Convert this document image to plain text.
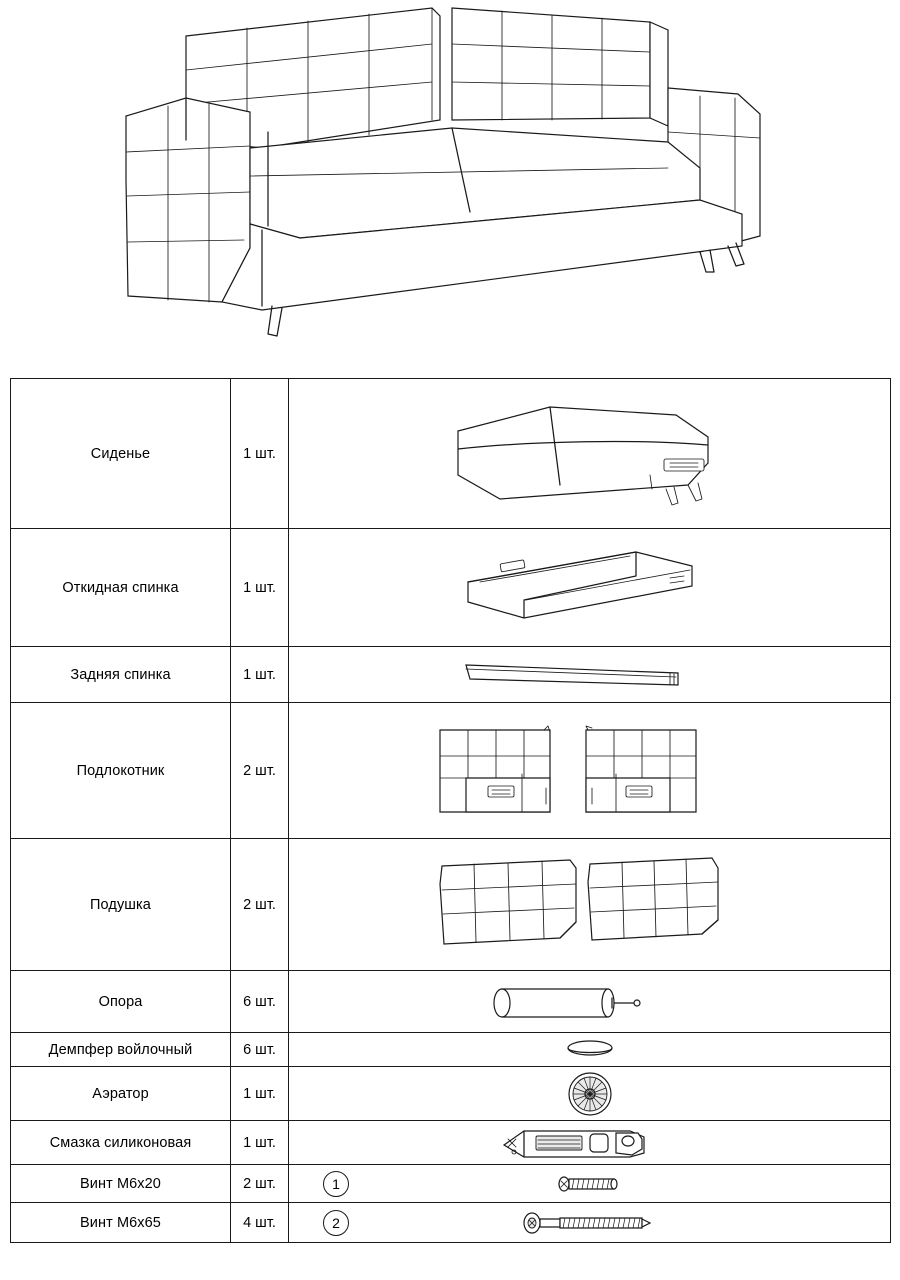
Сиденье	1 шт.	

Откидная спинка	1 шт.	

Задняя спинка	1 шт.	

Подлокотник	2 шт.	

Подушка	2 шт.	

Опора	6 шт.	

Демпфер войлочный	6 шт.	

Аэратор	1 шт.	

Смазка силиконовая	1 шт.	

Винт M6x20	2 шт.	1

Винт M6x65	4 шт.	2
